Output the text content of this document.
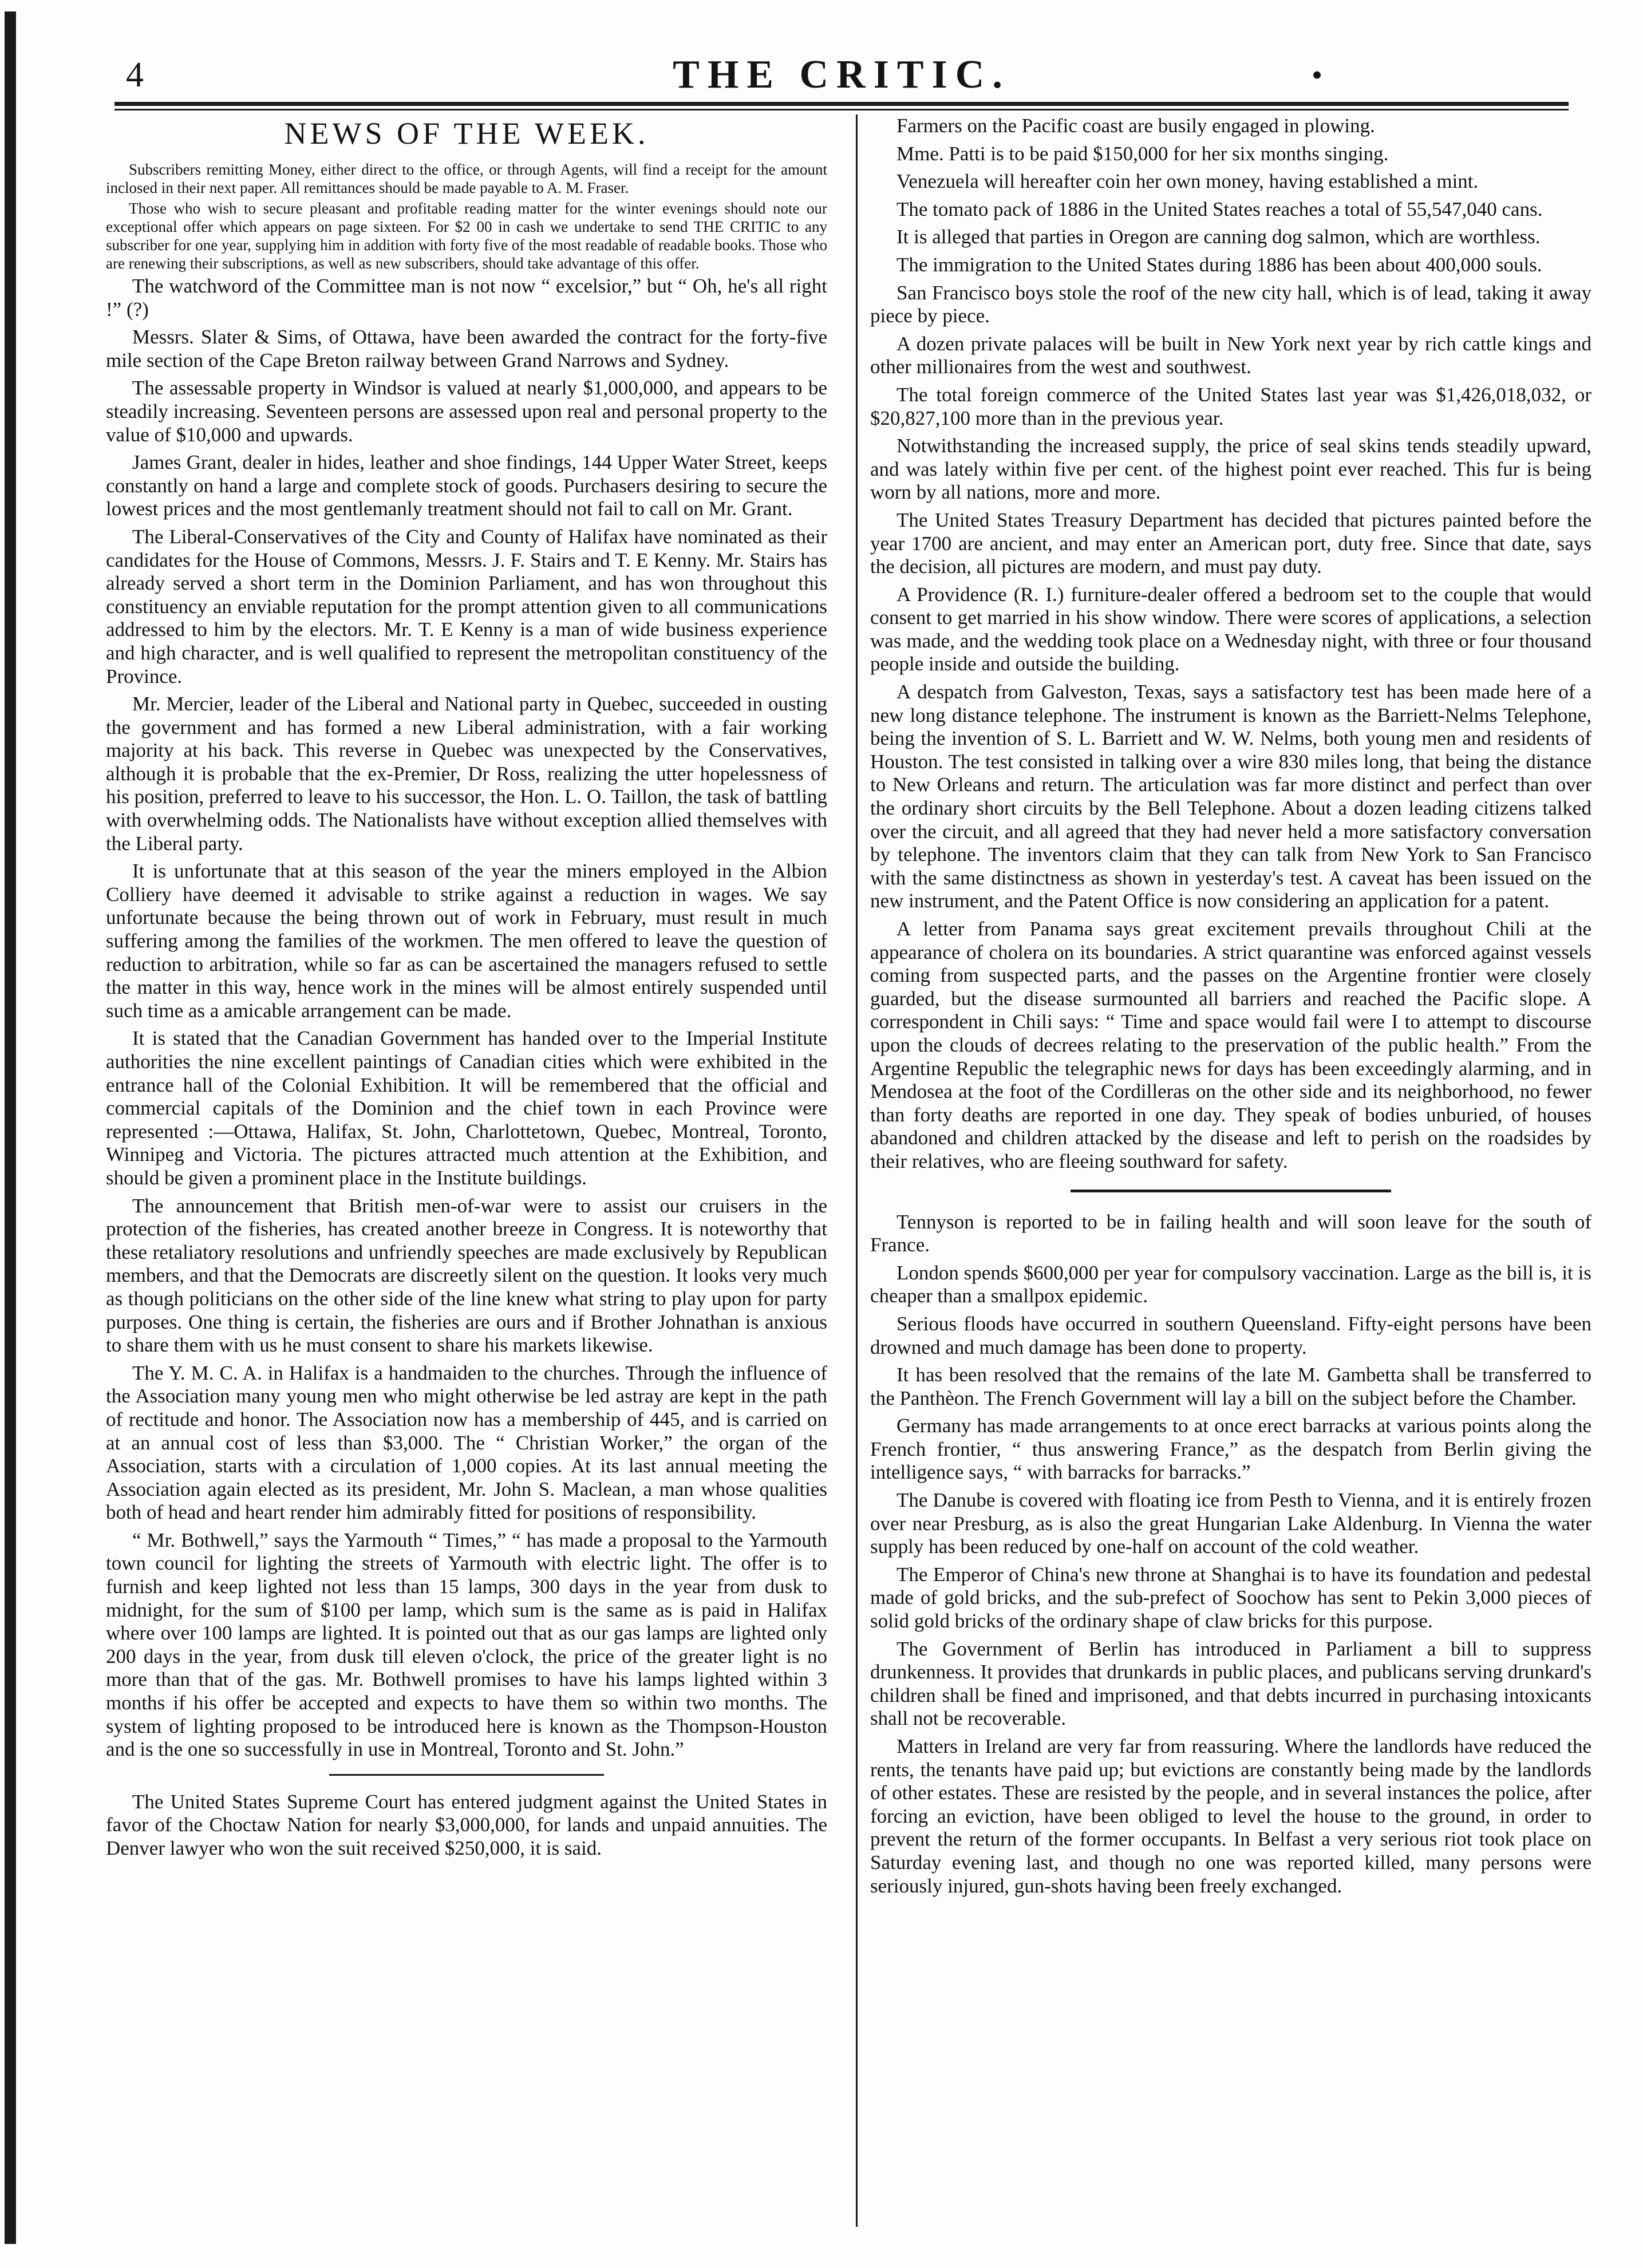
4	THE CRITIC.	•
NEWS OF THE WEEK.

Subscribers remitting Money, either direct to the office, or through Agents, will find a receipt for the amount inclosed in their next paper. All remittances should be made payable to A. M. Fraser.

Those who wish to secure pleasant and profitable reading matter for the winter evenings should note our exceptional offer which appears on page sixteen. For $2 00 in cash we undertake to send THE CRITIC to any subscriber for one year, supplying him in addition with forty five of the most readable of readable books. Those who are renewing their subscriptions, as well as new subscribers, should take advantage of this offer.

The watchword of the Committee man is not now “ excelsior,” but “ Oh, he's all right !” (?)

Messrs. Slater & Sims, of Ottawa, have been awarded the contract for the forty-five mile section of the Cape Breton railway between Grand Narrows and Sydney.

The assessable property in Windsor is valued at nearly $1,000,000, and appears to be steadily increasing. Seventeen persons are assessed upon real and personal property to the value of $10,000 and upwards.

James Grant, dealer in hides, leather and shoe findings, 144 Upper Water Street, keeps constantly on hand a large and complete stock of goods. Purchasers desiring to secure the lowest prices and the most gentlemanly treatment should not fail to call on Mr. Grant.

The Liberal-Conservatives of the City and County of Halifax have nominated as their candidates for the House of Commons, Messrs. J. F. Stairs and T. E Kenny. Mr. Stairs has already served a short term in the Dominion Parliament, and has won throughout this constituency an enviable reputation for the prompt attention given to all communications addressed to him by the electors. Mr. T. E Kenny is a man of wide business experience and high character, and is well qualified to represent the metropolitan constituency of the Province.

Mr. Mercier, leader of the Liberal and National party in Quebec, succeeded in ousting the government and has formed a new Liberal administration, with a fair working majority at his back. This reverse in Quebec was unexpected by the Conservatives, although it is probable that the ex-Premier, Dr Ross, realizing the utter hopelessness of his position, preferred to leave to his successor, the Hon. L. O. Taillon, the task of battling with overwhelming odds. The Nationalists have without exception allied themselves with the Liberal party.

It is unfortunate that at this season of the year the miners employed in the Albion Colliery have deemed it advisable to strike against a reduction in wages. We say unfortunate because the being thrown out of work in February, must result in much suffering among the families of the workmen. The men offered to leave the question of reduction to arbitration, while so far as can be ascertained the managers refused to settle the matter in this way, hence work in the mines will be almost entirely suspended until such time as a amicable arrangement can be made.

It is stated that the Canadian Government has handed over to the Imperial Institute authorities the nine excellent paintings of Canadian cities which were exhibited in the entrance hall of the Colonial Exhibition. It will be remembered that the official and commercial capitals of the Dominion and the chief town in each Province were represented :—Ottawa, Halifax, St. John, Charlottetown, Quebec, Montreal, Toronto, Winnipeg and Victoria. The pictures attracted much attention at the Exhibition, and should be given a prominent place in the Institute buildings.

The announcement that British men-of-war were to assist our cruisers in the protection of the fisheries, has created another breeze in Congress. It is noteworthy that these retaliatory resolutions and unfriendly speeches are made exclusively by Republican members, and that the Democrats are discreetly silent on the question. It looks very much as though politicians on the other side of the line knew what string to play upon for party purposes. One thing is certain, the fisheries are ours and if Brother Johnathan is anxious to share them with us he must consent to share his markets likewise.

The Y. M. C. A. in Halifax is a handmaiden to the churches. Through the influence of the Association many young men who might otherwise be led astray are kept in the path of rectitude and honor. The Association now has a membership of 445, and is carried on at an annual cost of less than $3,000. The “ Christian Worker,” the organ of the Association, starts with a circulation of 1,000 copies. At its last annual meeting the Association again elected as its president, Mr. John S. Maclean, a man whose qualities both of head and heart render him admirably fitted for positions of responsibility.

“ Mr. Bothwell,” says the Yarmouth “ Times,” “ has made a proposal to the Yarmouth town council for lighting the streets of Yarmouth with electric light. The offer is to furnish and keep lighted not less than 15 lamps, 300 days in the year from dusk to midnight, for the sum of $100 per lamp, which sum is the same as is paid in Halifax where over 100 lamps are lighted. It is pointed out that as our gas lamps are lighted only 200 days in the year, from dusk till eleven o'clock, the price of the greater light is no more than that of the gas. Mr. Bothwell promises to have his lamps lighted within 3 months if his offer be accepted and expects to have them so within two months. The system of lighting proposed to be introduced here is known as the Thompson-Houston and is the one so successfully in use in Montreal, Toronto and St. John.”

The United States Supreme Court has entered judgment against the United States in favor of the Choctaw Nation for nearly $3,000,000, for lands and unpaid annuities. The Denver lawyer who won the suit received $250,000, it is said.

Farmers on the Pacific coast are busily engaged in plowing.

Mme. Patti is to be paid $150,000 for her six months singing.

Venezuela will hereafter coin her own money, having established a mint.

The tomato pack of 1886 in the United States reaches a total of 55,547,040 cans.

It is alleged that parties in Oregon are canning dog salmon, which are worthless.

The immigration to the United States during 1886 has been about 400,000 souls.

San Francisco boys stole the roof of the new city hall, which is of lead, taking it away piece by piece.

A dozen private palaces will be built in New York next year by rich cattle kings and other millionaires from the west and southwest.

The total foreign commerce of the United States last year was $1,426,018,032, or $20,827,100 more than in the previous year.

Notwithstanding the increased supply, the price of seal skins tends steadily upward, and was lately within five per cent. of the highest point ever reached. This fur is being worn by all nations, more and more.

The United States Treasury Department has decided that pictures painted before the year 1700 are ancient, and may enter an American port, duty free. Since that date, says the decision, all pictures are modern, and must pay duty.

A Providence (R. I.) furniture-dealer offered a bedroom set to the couple that would consent to get married in his show window. There were scores of applications, a selection was made, and the wedding took place on a Wednesday night, with three or four thousand people inside and outside the building.

A despatch from Galveston, Texas, says a satisfactory test has been made here of a new long distance telephone. The instrument is known as the Barriett-Nelms Telephone, being the invention of S. L. Barriett and W. W. Nelms, both young men and residents of Houston. The test consisted in talking over a wire 830 miles long, that being the distance to New Orleans and return. The articulation was far more distinct and perfect than over the ordinary short circuits by the Bell Telephone. About a dozen leading citizens talked over the circuit, and all agreed that they had never held a more satisfactory conversation by telephone. The inventors claim that they can talk from New York to San Francisco with the same distinctness as shown in yesterday's test. A caveat has been issued on the new instrument, and the Patent Office is now considering an application for a patent.

A letter from Panama says great excitement prevails throughout Chili at the appearance of cholera on its boundaries. A strict quarantine was enforced against vessels coming from suspected parts, and the passes on the Argentine frontier were closely guarded, but the disease surmounted all barriers and reached the Pacific slope. A correspondent in Chili says: “ Time and space would fail were I to attempt to discourse upon the clouds of decrees relating to the preservation of the public health.” From the Argentine Republic the telegraphic news for days has been exceedingly alarming, and in Mendosea at the foot of the Cordilleras on the other side and its neighborhood, no fewer than forty deaths are reported in one day. They speak of bodies unburied, of houses abandoned and children attacked by the disease and left to perish on the roadsides by their relatives, who are fleeing southward for safety.

Tennyson is reported to be in failing health and will soon leave for the south of France.

London spends $600,000 per year for compulsory vaccination. Large as the bill is, it is cheaper than a smallpox epidemic.

Serious floods have occurred in southern Queensland. Fifty-eight persons have been drowned and much damage has been done to property.

It has been resolved that the remains of the late M. Gambetta shall be transferred to the Panthèon. The French Government will lay a bill on the subject before the Chamber.

Germany has made arrangements to at once erect barracks at various points along the French frontier, “ thus answering France,” as the despatch from Berlin giving the intelligence says, “ with barracks for barracks.”

The Danube is covered with floating ice from Pesth to Vienna, and it is entirely frozen over near Presburg, as is also the great Hungarian Lake Aldenburg. In Vienna the water supply has been reduced by one-half on account of the cold weather.

The Emperor of China's new throne at Shanghai is to have its foundation and pedestal made of gold bricks, and the sub-prefect of Soochow has sent to Pekin 3,000 pieces of solid gold bricks of the ordinary shape of claw bricks for this purpose.

The Government of Berlin has introduced in Parliament a bill to suppress drunkenness. It provides that drunkards in public places, and publicans serving drunkard's children shall be fined and imprisoned, and that debts incurred in purchasing intoxicants shall not be recoverable.

Matters in Ireland are very far from reassuring. Where the landlords have reduced the rents, the tenants have paid up; but evictions are constantly being made by the landlords of other estates. These are resisted by the people, and in several instances the police, after forcing an eviction, have been obliged to level the house to the ground, in order to prevent the return of the former occupants. In Belfast a very serious riot took place on Saturday evening last, and though no one was reported killed, many persons were seriously injured, gun-shots having been freely exchanged.
